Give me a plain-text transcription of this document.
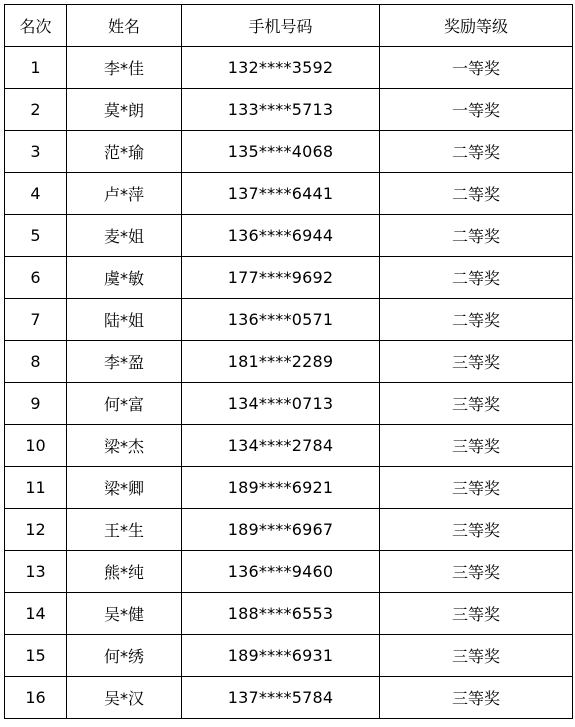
名次	姓名	手机号码	奖励等级
1	李*佳	132****3592	一等奖
2	莫*朗	133****5713	一等奖
3	范*瑜	135****4068	二等奖
4	卢*萍	137****6441	二等奖
5	麦*姐	136****6944	二等奖
6	虞*敏	177****9692	二等奖
7	陆*姐	136****0571	二等奖
8	李*盈	181****2289	三等奖
9	何*富	134****0713	三等奖
10	梁*杰	134****2784	三等奖
11	梁*卿	189****6921	三等奖
12	王*生	189****6967	三等奖
13	熊*纯	136****9460	三等奖
14	吴*健	188****6553	三等奖
15	何*绣	189****6931	三等奖
16	吴*汉	137****5784	三等奖
